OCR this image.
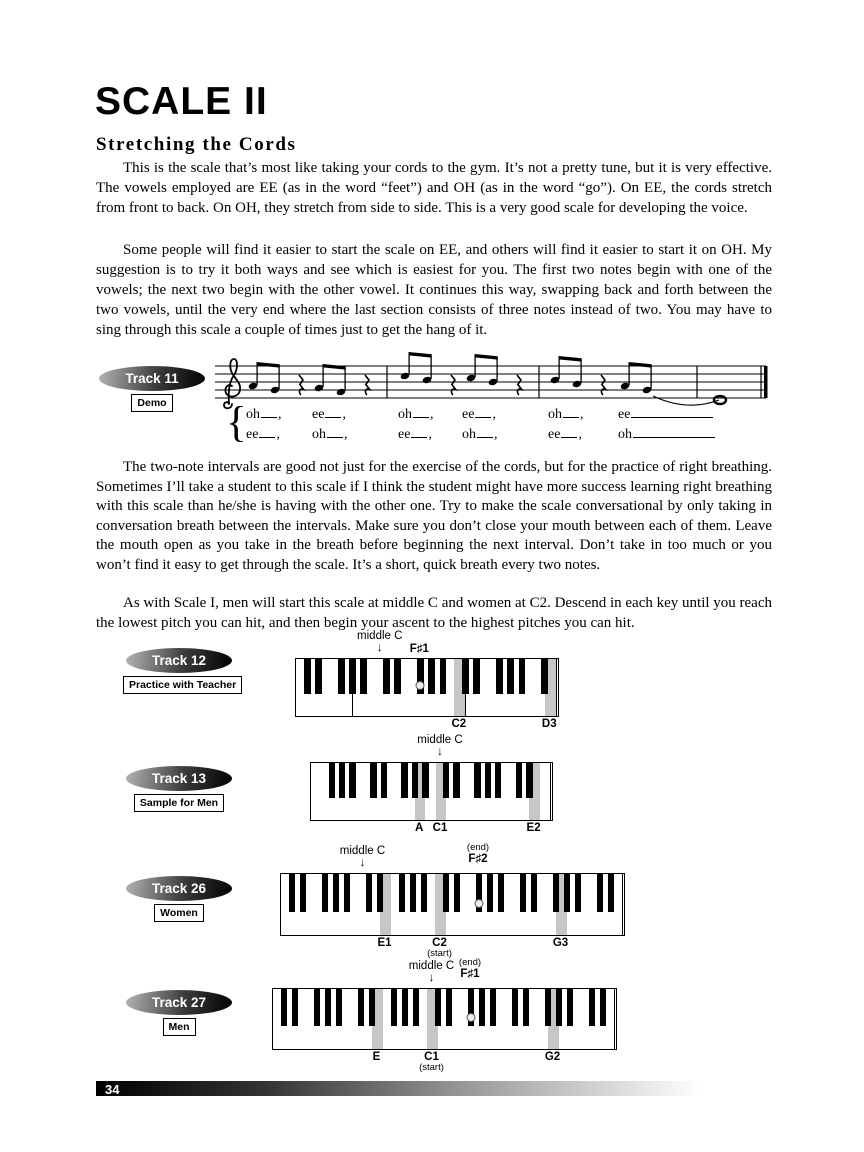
SCALE II
Stretching the Cords
This is the scale that’s most like taking your cords to the gym. It’s not a pretty tune, but it is very effective. The vowels employed are EE (as in the word “feet”) and OH (as in the word “go”). On EE, the cords stretch from front to back. On OH, they stretch from side to side. This is a very good scale for developing the voice.
Some people will find it easier to start the scale on EE, and others will find it easier to start it on OH. My suggestion is to try it both ways and see which is easiest for you. The first two notes begin with one of the vowels; the next two begin with the other vowel. It continues this way, swapping back and forth between the two vowels, until the very end where the last section consists of three notes instead of two. You may have to sing through this scale a couple of times just to get the hang of it.
{
The two-note intervals are good not just for the exercise of the cords, but for the practice of right breathing. Sometimes I’ll take a student to this scale if I think the student might have more success learning right breathing with this scale than he/she is having with the other one. Try to make the scale conversational by only taking in conversation breath between the intervals. Make sure you don’t close your mouth between each of them. Leave the mouth open as you take in the breath before beginning the next interval. Don’t take in too much or you won’t find it easy to get through the scale. It’s a short, quick breath every two notes.
As with Scale I, men will start this scale at middle C and women at C2. Descend in each key until you reach the lowest pitch you can hit, and then begin your ascent to the highest pitches you can hit.
34
Track 11
Demo
oh , ee ,	oh , ee ,	oh , ee
ee , oh ,	ee , oh ,	ee ,	oh
Track 12
Practice with Teacher
middle C
↓	F♯1
C2	D3
Track 13
Sample for Men
middle C
↓
A C1	E2
Track 26
Women
middle C
↓
(end)
F♯2
E1	C2
(start)
G3
Track 27
Men
middle C
↓
(end)
F♯1
E	C1
(start)
G2
